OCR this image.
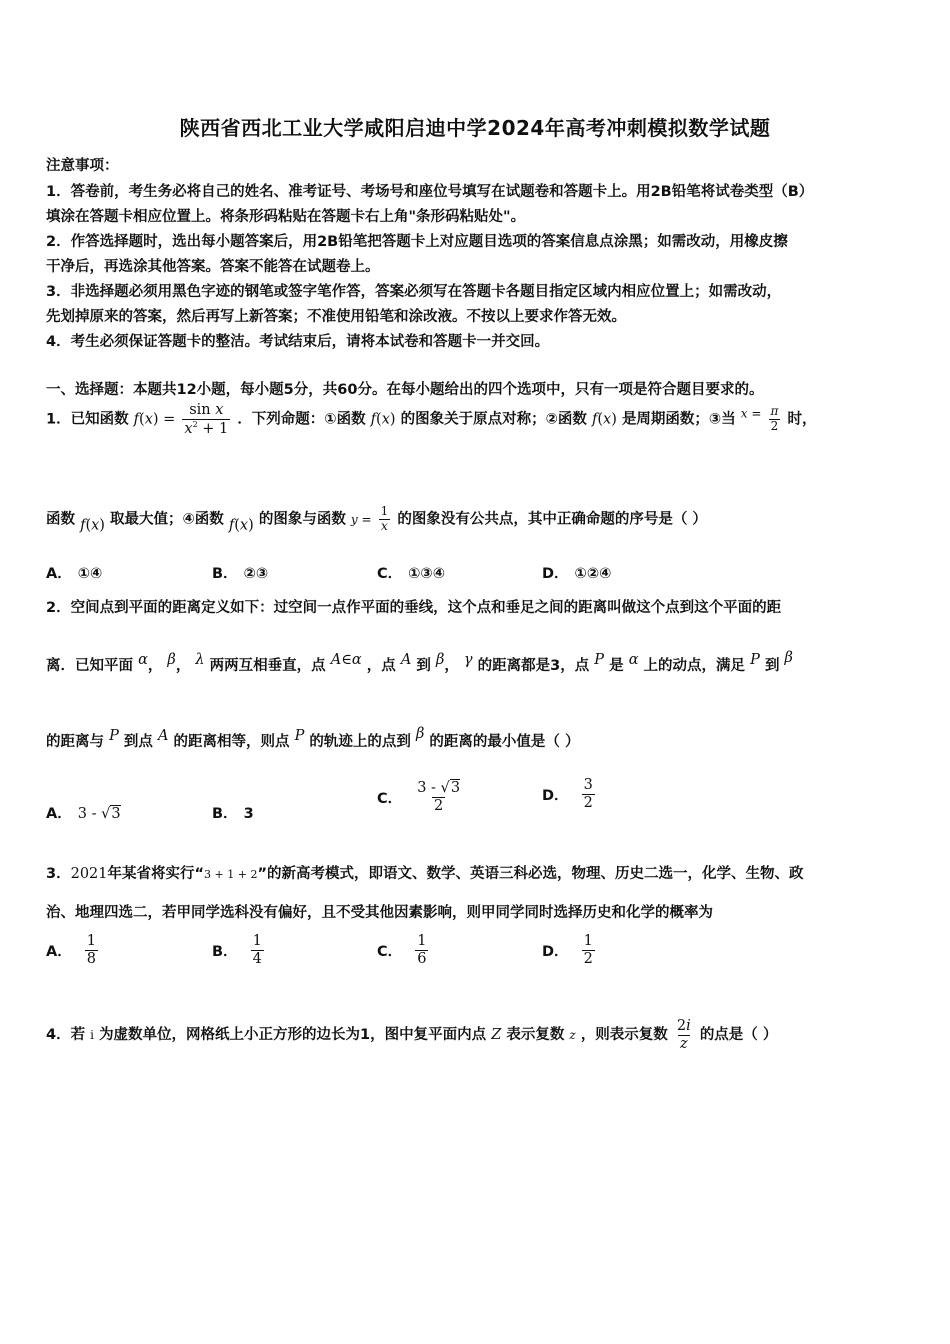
陕西省西北工业大学咸阳启迪中学2024年高考冲刺模拟数学试题
注意事项：
1．答卷前，考生务必将自己的姓名、准考证号、考场号和座位号填写在试题卷和答题卡上。用2B铅笔将试卷类型（B）
填涂在答题卡相应位置上。将条形码粘贴在答题卡右上角"条形码粘贴处"。
2．作答选择题时，选出每小题答案后，用2B铅笔把答题卡上对应题目选项的答案信息点涂黑；如需改动，用橡皮擦
干净后，再选涂其他答案。答案不能答在试题卷上。
3．非选择题必须用黑色字迹的钢笔或签字笔作答，答案必须写在答题卡各题目指定区域内相应位置上；如需改动，
先划掉原来的答案，然后再写上新答案；不准使用铅笔和涂改液。不按以上要求作答无效。
4．考生必须保证答题卡的整洁。考试结束后，请将本试卷和答题卡一并交回。
一、选择题：本题共12小题，每小题5分，共60分。在每小题给出的四个选项中，只有一项是符合题目要求的。
1．已知函数 $f(x) = \frac{\text{sin x}}{x^2 + 1}$ ．下列命题：①函数 f(x) 的图象关于原点对称；②函数 f(x) 是周期函数；③当 $^x$ $^= \frac{\pi}{2}$ 时，
函数 f(x) 取最大值；④函数 f(x) 的图象与函数 $y = \frac{1}{x}$ 的图象没有公共点，其中正确命题的序号是（ ）
A． ①④	B． ②③	C． ①③④	D． ①②④
2．空间点到平面的距离定义如下：过空间一点作平面的垂线，这个点和垂足之间的距离叫做这个点到这个平面的距
离．已知平面 α， β， λ 两两互相垂直，点 A∈α ，点 A 到 β， γ 的距离都是3，点 P 是 α 上的动点，满足 P 到 β
的距离与 P 到点 A 的距离相等，则点 P 的轨迹上的点到 β 的距离的最小值是（ ）
A． 3 - √3	B． 3
C． $\frac{3 - √3}{2}$	D． $\frac{3}{2}$
3．2021年某省将实行“3 + 1 + 2”的新高考模式，即语文、数学、英语三科必选，物理、历史二选一，化学、生物、政
治、地理四选二，若甲同学选科没有偏好，且不受其他因素影响，则甲同学同时选择历史和化学的概率为
A． $\frac{1}{8}$	B． $\frac{1}{4}$	C． $\frac{1}{6}$	D． $\frac{1}{2}$
4．若 i 为虚数单位，网格纸上小正方形的边长为1，图中复平面内点 Z 表示复数 z ，则表示复数 $\frac{2i}{z}$ 的点是（ ）
